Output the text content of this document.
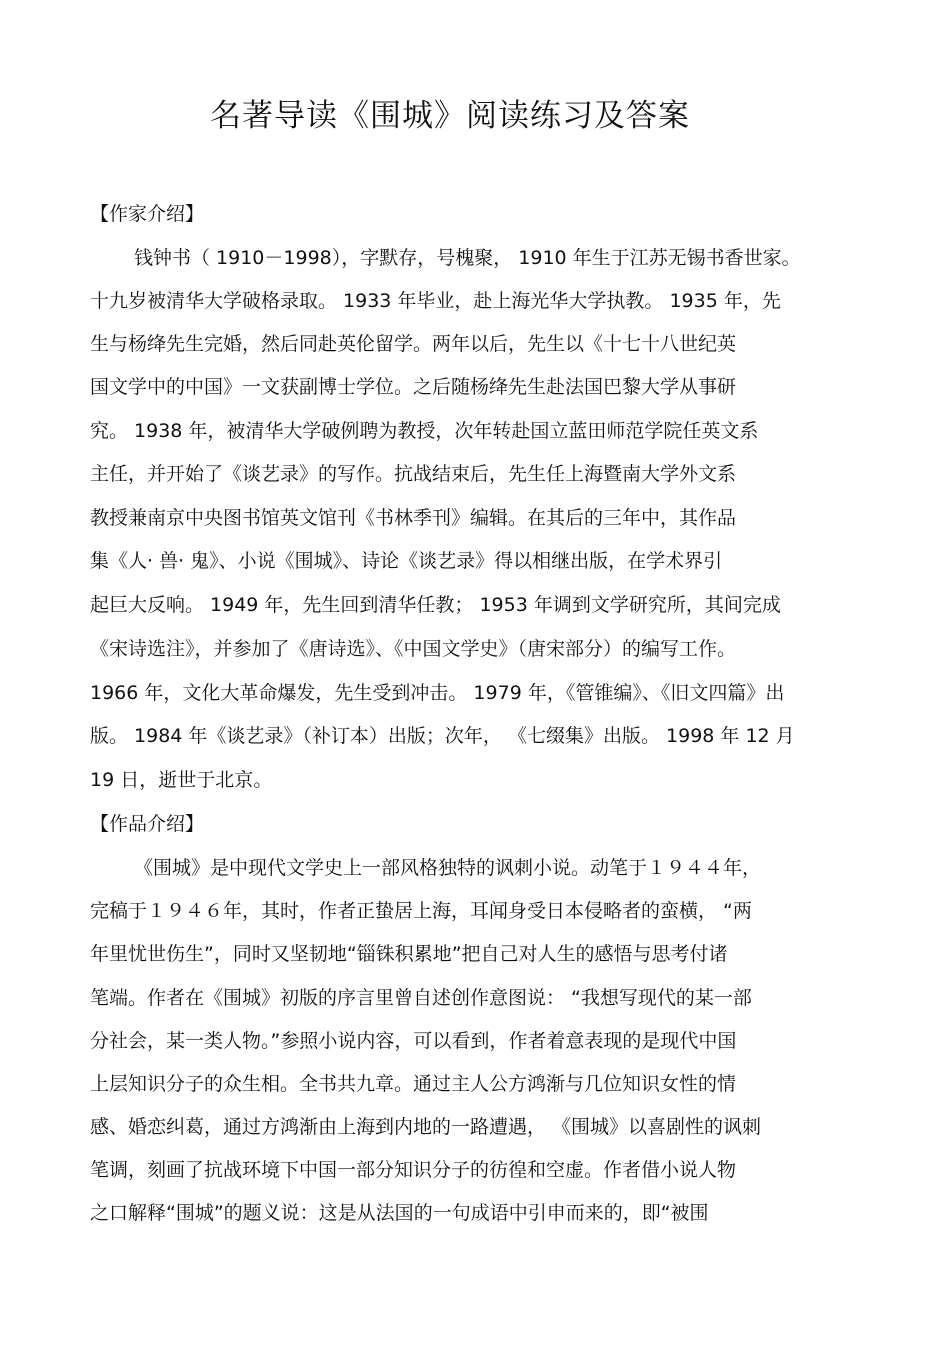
名著导读《围城》阅读练习及答案
【作家介绍】
钱钟书（ 1910－1998），字默存，号槐聚， 1910 年生于江苏无锡书香世家。
十九岁被清华大学破格录取。 1933 年毕业，赴上海光华大学执教。 1935 年，先
生与杨绛先生完婚，然后同赴英伦留学。两年以后，先生以《十七十八世纪英
国文学中的中国》一文获副博士学位。之后随杨绛先生赴法国巴黎大学从事研
究。 1938 年，被清华大学破例聘为教授，次年转赴国立蓝田师范学院任英文系
主任，并开始了《谈艺录》的写作。抗战结束后，先生任上海暨南大学外文系
教授兼南京中央图书馆英文馆刊《书林季刊》编辑。在其后的三年中，其作品
集《人· 兽· 鬼》、小说《围城》、诗论《谈艺录》得以相继出版，在学术界引
起巨大反响。 1949 年，先生回到清华任教； 1953 年调到文学研究所，其间完成
《宋诗选注》，并参加了《唐诗选》、《中国文学史》（唐宋部分）的编写工作。
1966 年，文化大革命爆发，先生受到冲击。 1979 年，《管锥编》、《旧文四篇》出
版。 1984 年《谈艺录》（补订本）出版；次年， 《七缀集》出版。 1998 年 12 月
19 日，逝世于北京。
【作品介绍】
《围城》是中现代文学史上一部风格独特的讽刺小说。动笔于１９４４年，
完稿于１９４６年，其时，作者正蛰居上海，耳闻身受日本侵略者的蛮横， “两
年里忧世伤生”，同时又坚韧地“锱铢积累地”把自己对人生的感悟与思考付诸
笔端。作者在《围城》初版的序言里曾自述创作意图说： “我想写现代的某一部
分社会，某一类人物。”参照小说内容，可以看到，作者着意表现的是现代中国
上层知识分子的众生相。全书共九章。通过主人公方鸿渐与几位知识女性的情
感、婚恋纠葛，通过方鸿渐由上海到内地的一路遭遇， 《围城》以喜剧性的讽刺
笔调，刻画了抗战环境下中国一部分知识分子的彷徨和空虚。作者借小说人物
之口解释“围城”的题义说：这是从法国的一句成语中引申而来的，即“被围
